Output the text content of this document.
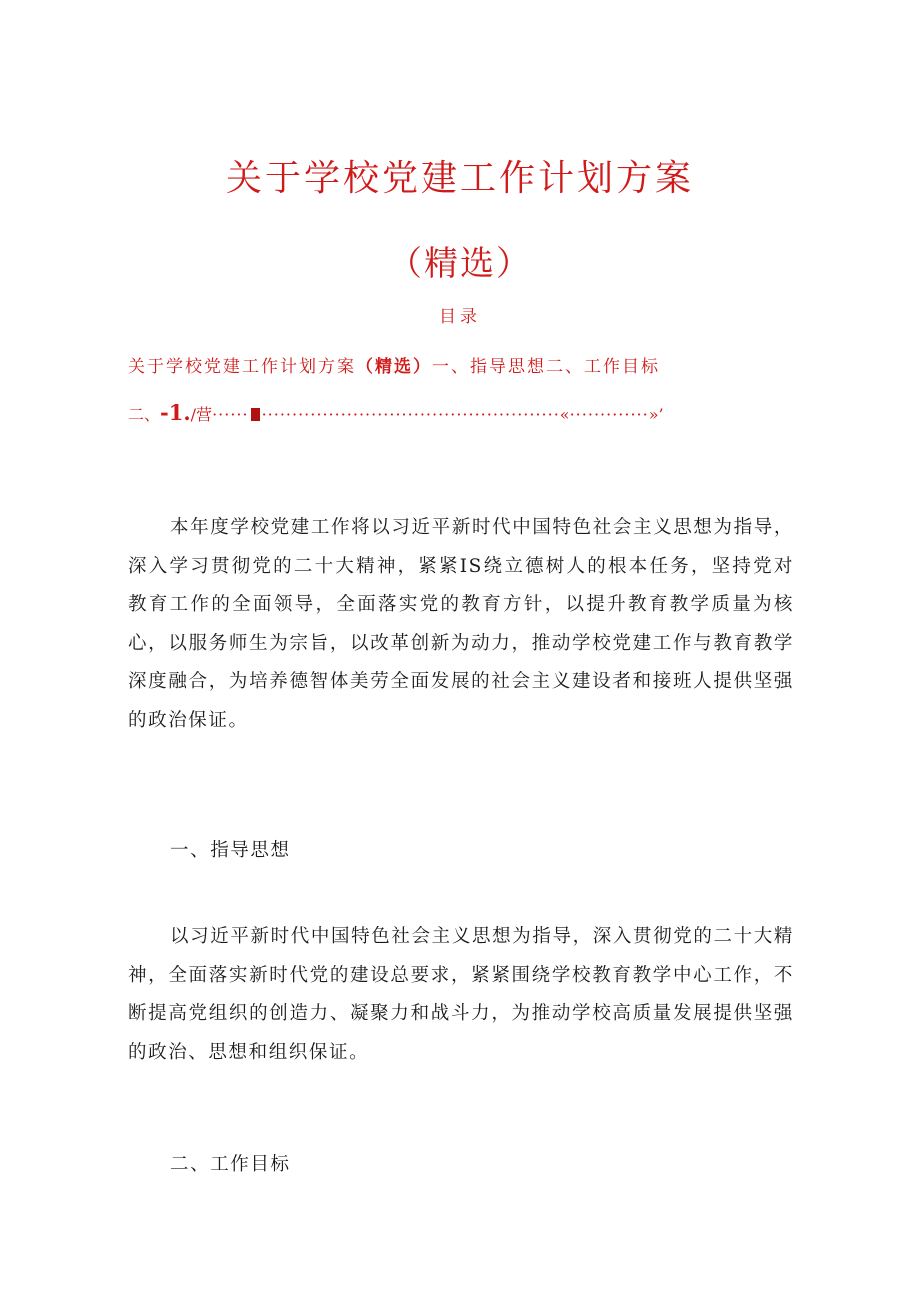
关于学校党建工作计划方案
（精选）
目录
关于学校党建工作计划方案（精选）一、指导思想二、工作目标
二、-1./营······ ·················································«·············»’
本年度学校党建工作将以习近平新时代中国特色社会主义思想为指导，深入学习贯彻党的二十大精神，紧紧IS绕立德树人的根本任务，坚持党对教育工作的全面领导，全面落实党的教育方针，以提升教育教学质量为核心，以服务师生为宗旨，以改革创新为动力，推动学校党建工作与教育教学深度融合，为培养德智体美劳全面发展的社会主义建设者和接班人提供坚强的政治保证。
一、指导思想
以习近平新时代中国特色社会主义思想为指导，深入贯彻党的二十大精神，全面落实新时代党的建设总要求，紧紧围绕学校教育教学中心工作，不断提高党组织的创造力、凝聚力和战斗力，为推动学校高质量发展提供坚强的政治、思想和组织保证。
二、工作目标
